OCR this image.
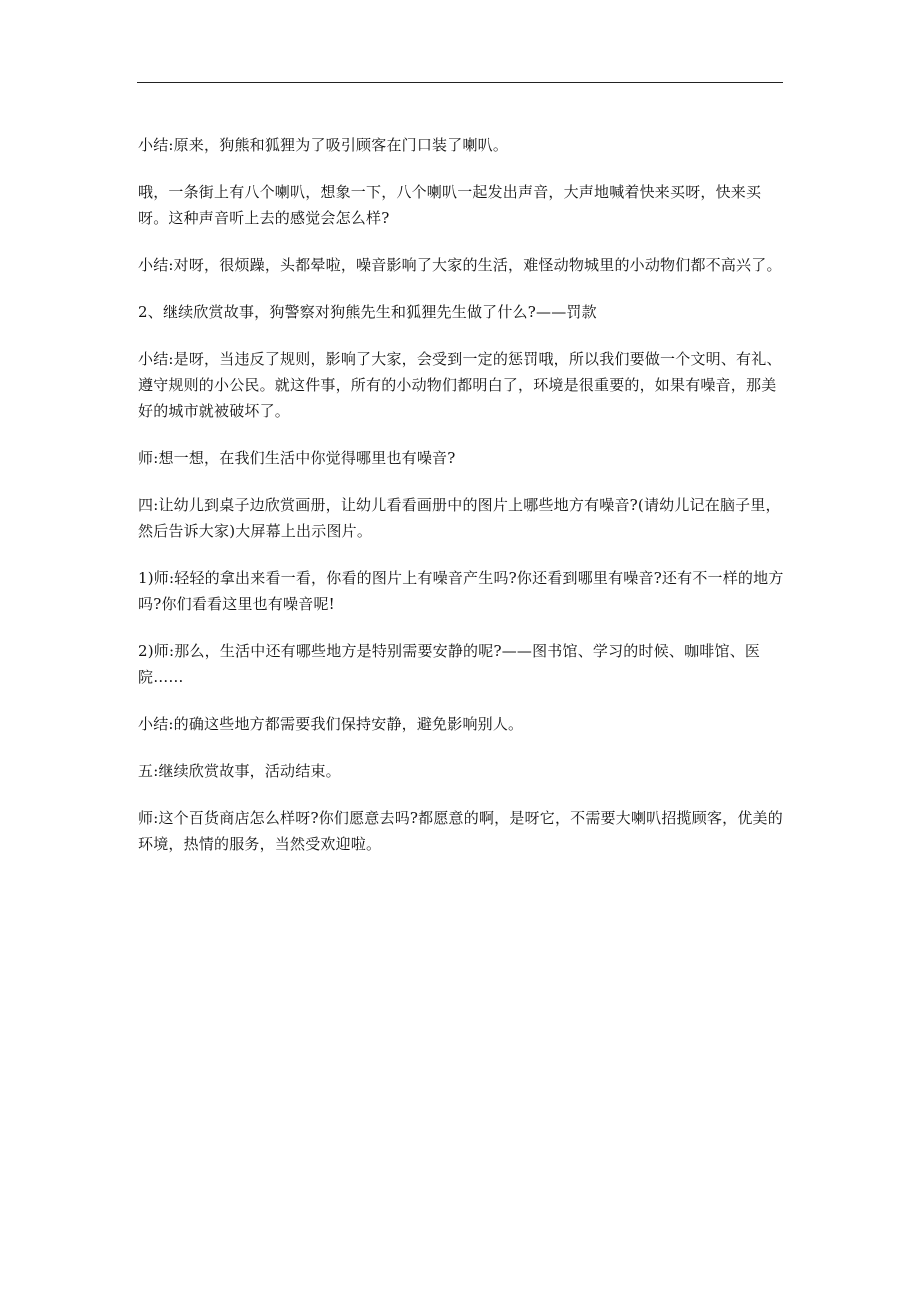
小结:原来，狗熊和狐狸为了吸引顾客在门口装了喇叭。

哦，一条街上有八个喇叭，想象一下，八个喇叭一起发出声音，大声地喊着快来买呀，快来买呀。这种声音听上去的感觉会怎么样?

小结:对呀，很烦躁，头都晕啦，噪音影响了大家的生活，难怪动物城里的小动物们都不高兴了。

2、继续欣赏故事，狗警察对狗熊先生和狐狸先生做了什么?——罚款

小结:是呀，当违反了规则，影响了大家，会受到一定的惩罚哦，所以我们要做一个文明、有礼、遵守规则的小公民。就这件事，所有的小动物们都明白了，环境是很重要的，如果有噪音，那美好的城市就被破坏了。

师:想一想，在我们生活中你觉得哪里也有噪音?

四:让幼儿到桌子边欣赏画册，让幼儿看看画册中的图片上哪些地方有噪音?(请幼儿记在脑子里，然后告诉大家)大屏幕上出示图片。

1)师:轻轻的拿出来看一看，你看的图片上有噪音产生吗?你还看到哪里有噪音?还有不一样的地方吗?你们看看这里也有噪音呢!

2)师:那么，生活中还有哪些地方是特别需要安静的呢?——图书馆、学习的时候、咖啡馆、医院……

小结:的确这些地方都需要我们保持安静，避免影响别人。

五:继续欣赏故事，活动结束。

师:这个百货商店怎么样呀?你们愿意去吗?都愿意的啊，是呀它，不需要大喇叭招揽顾客，优美的环境，热情的服务，当然受欢迎啦。
